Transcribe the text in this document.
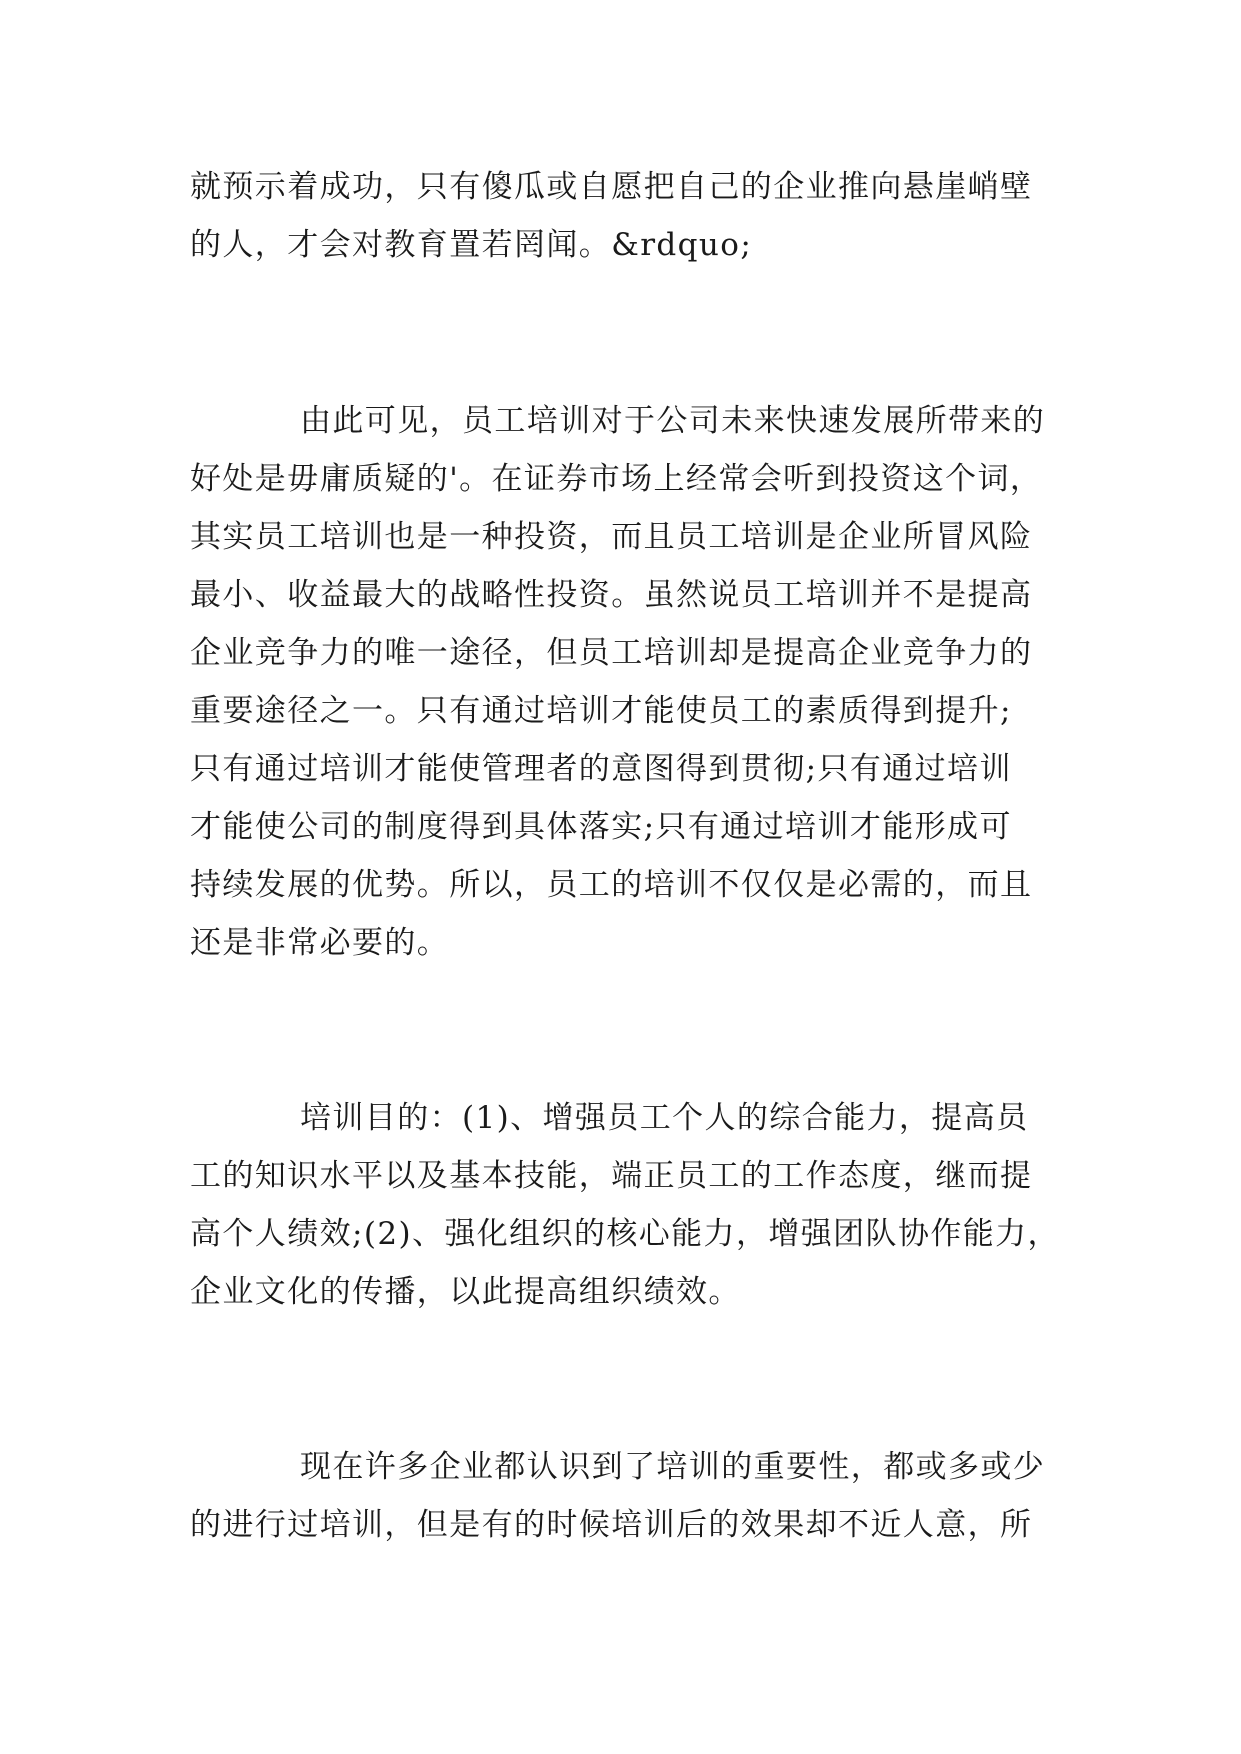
就预示着成功，只有傻瓜或自愿把自己的企业推向悬崖峭壁
的人，才会对教育置若罔闻。&rdquo;
由此可见，员工培训对于公司未来快速发展所带来的
好处是毋庸质疑的'。在证券市场上经常会听到投资这个词，
其实员工培训也是一种投资，而且员工培训是企业所冒风险
最小、收益最大的战略性投资。虽然说员工培训并不是提高
企业竞争力的唯一途径，但员工培训却是提高企业竞争力的
重要途径之一。只有通过培训才能使员工的素质得到提升;
只有通过培训才能使管理者的意图得到贯彻;只有通过培训
才能使公司的制度得到具体落实;只有通过培训才能形成可
持续发展的优势。所以，员工的培训不仅仅是必需的，而且
还是非常必要的。
培训目的：(1)、增强员工个人的综合能力，提高员
工的知识水平以及基本技能，端正员工的工作态度，继而提
高个人绩效;(2)、强化组织的核心能力，增强团队协作能力，
企业文化的传播，以此提高组织绩效。
现在许多企业都认识到了培训的重要性，都或多或少
的进行过培训，但是有的时候培训后的效果却不近人意，所
